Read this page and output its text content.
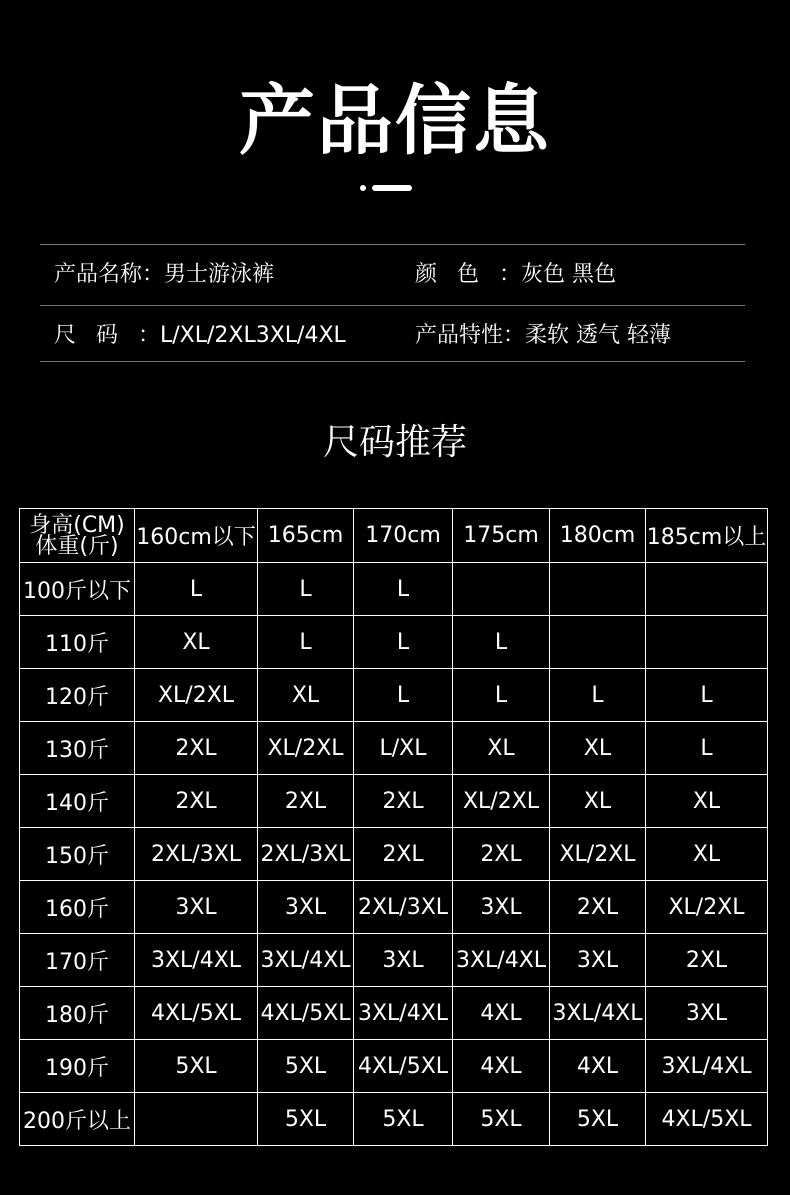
产品信息
产品名称：男士游泳裤	颜色：灰色 黑色
尺码：L/XL/2XL3XL/4XL	产品特性：柔软 透气 轻薄
尺码推荐
身高(CM)
体重(斤)	160cm以下	165cm	170cm	175cm	180cm	185cm以上
100斤以下	L	L	L			
110斤	XL	L	L	L		
120斤	XL/2XL	XL	L	L	L	L
130斤	2XL	XL/2XL	L/XL	XL	XL	L
140斤	2XL	2XL	2XL	XL/2XL	XL	XL
150斤	2XL/3XL	2XL/3XL	2XL	2XL	XL/2XL	XL
160斤	3XL	3XL	2XL/3XL	3XL	2XL	XL/2XL
170斤	3XL/4XL	3XL/4XL	3XL	3XL/4XL	3XL	2XL
180斤	4XL/5XL	4XL/5XL	3XL/4XL	4XL	3XL/4XL	3XL
190斤	5XL	5XL	4XL/5XL	4XL	4XL	3XL/4XL
200斤以上		5XL	5XL	5XL	5XL	4XL/5XL
